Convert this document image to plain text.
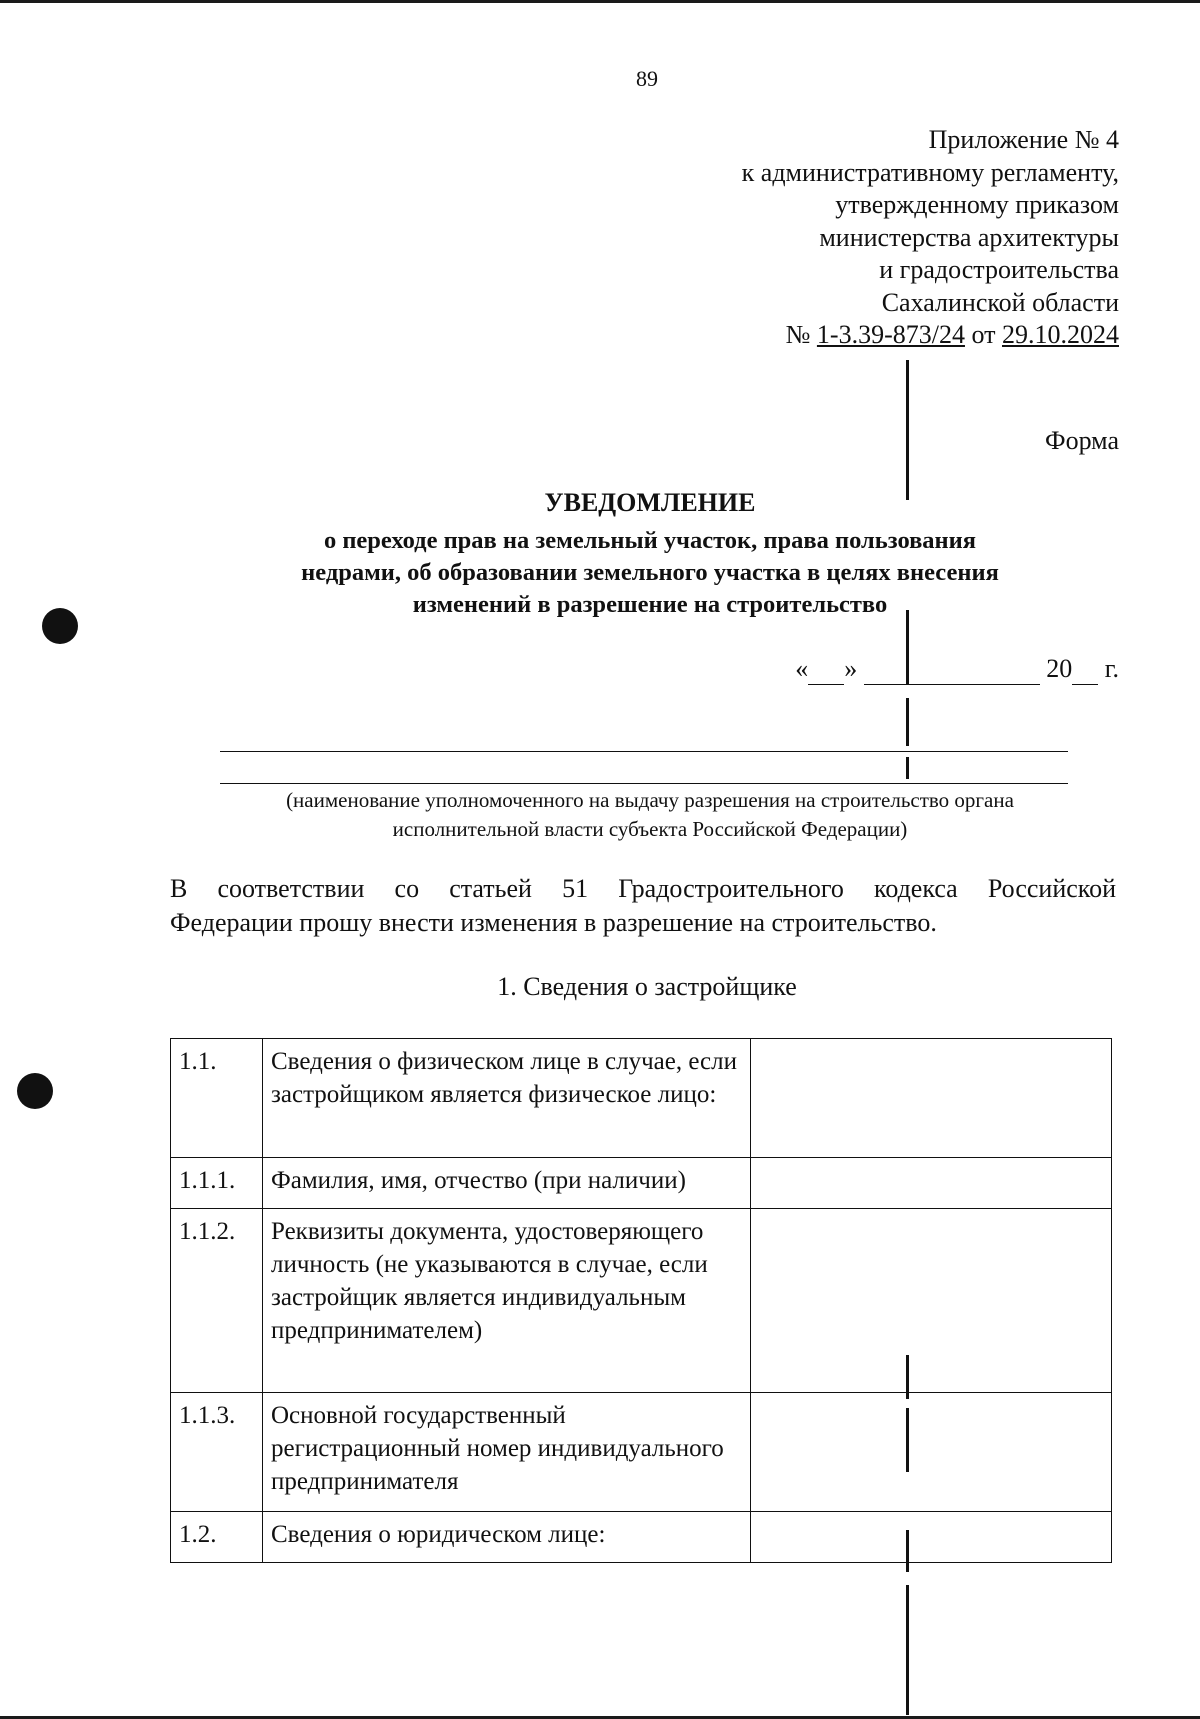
89
Приложение № 4
к административному регламенту,
утвержденному приказом
министерства архитектуры
и градостроительства
Сахалинской области
№ 1-3.39-873/24 от 29.10.2024
Форма
УВЕДОМЛЕНИЕ
о переходе прав на земельный участок, права пользования
недрами, об образовании земельного участка в целях внесения
изменений в разрешение на строительство
« »	20  г.
(наименование уполномоченного на выдачу разрешения на строительство органа
исполнительной власти субъекта Российской Федерации)
В соответствии со статьей 51 Градостроительного кодекса Российской
Федерации прошу внести изменения в разрешение на строительство.
1. Сведения о застройщике
1.1.	Сведения о физическом лице в случае, если застройщиком является физическое лицо:	
1.1.1.	Фамилия, имя, отчество (при наличии)	
1.1.2.	Реквизиты документа, удостоверяющего личность (не указываются в случае, если застройщик является индивидуальным предпринимателем)	
1.1.3.	Основной государственный регистрационный номер индивидуального предпринимателя	
1.2.	Сведения о юридическом лице:	
